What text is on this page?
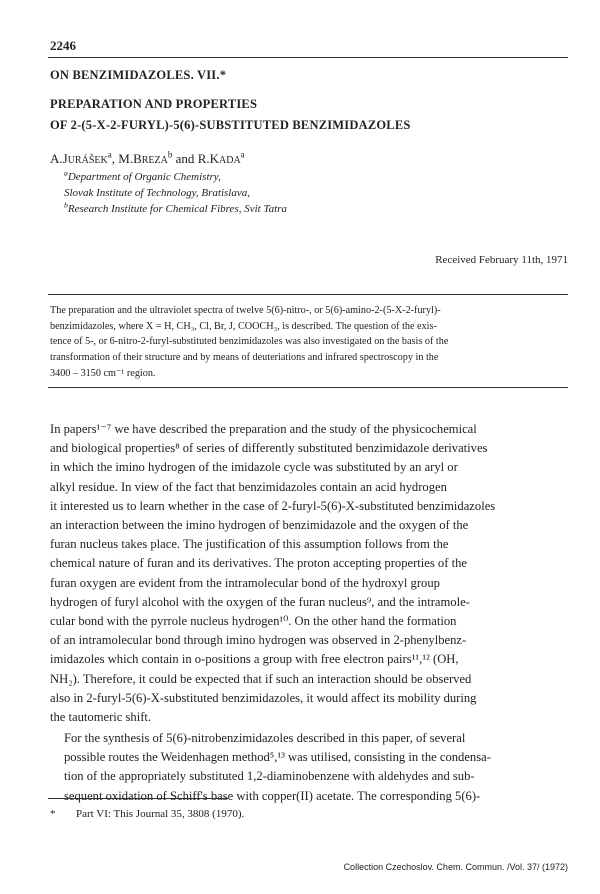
2246
ON BENZIMIDAZOLES. VII.*
PREPARATION AND PROPERTIES
OF 2-(5-X-2-FURYL)-5(6)-SUBSTITUTED BENZIMIDAZOLES
A.JURÁŠEK$^a$, M.BREZA$^b$ and R.KADA$^a$
$^a$Department of Organic Chemistry,
Slovak Institute of Technology, Bratislava,
$^b$Research Institute for Chemical Fibres, Svit Tatra
Received February 11th, 1971
The preparation and the ultraviolet spectra of twelve 5(6)-nitro-, or 5(6)-amino-2-(5-X-2-furyl)-
benzimidazoles, where X = H, CH₃, Cl, Br, J, COOCH₃, is described. The question of the exis-
tence of 5-, or 6-nitro-2-furyl-substituted benzimidazoles was also investigated on the basis of the
transformation of their structure and by means of deuteriations and infrared spectroscopy in the
3400 – 3150 cm⁻¹ region.
In papers¹⁻⁷ we have described the preparation and the study of the physicochemical
and biological properties⁸ of series of differently substituted benzimidazole derivatives
in which the imino hydrogen of the imidazole cycle was substituted by an aryl or
alkyl residue. In view of the fact that benzimidazoles contain an acid hydrogen
it interested us to learn whether in the case of 2-furyl-5(6)-X-substituted benzimidazoles
an interaction between the imino hydrogen of benzimidazole and the oxygen of the
furan nucleus takes place. The justification of this assumption follows from the
chemical nature of furan and its derivatives. The proton accepting properties of the
furan oxygen are evident from the intramolecular bond of the hydroxyl group
hydrogen of furyl alcohol with the oxygen of the furan nucleus⁹, and the intramole-
cular bond with the pyrrole nucleus hydrogen¹⁰. On the other hand the formation
of an intramolecular bond through imino hydrogen was observed in 2-phenylbenz-
imidazoles which contain in o-positions a group with free electron pairs¹¹,¹² (OH,
NH₂). Therefore, it could be expected that if such an interaction should be observed
also in 2-furyl-5(6)-X-substituted benzimidazoles, it would affect its mobility during
the tautomeric shift.
For the synthesis of 5(6)-nitrobenzimidazoles described in this paper, of several
possible routes the Weidenhagen method⁵,¹³ was utilised, consisting in the condensa-
tion of the appropriately substituted 1,2-diaminobenzene with aldehydes and sub-
sequent oxidation of Schiff's base with copper(II) acetate. The corresponding 5(6)-
* Part VI: This Journal 35, 3808 (1970).
Collection Czechoslov. Chem. Commun. /Vol. 37/ (1972)
